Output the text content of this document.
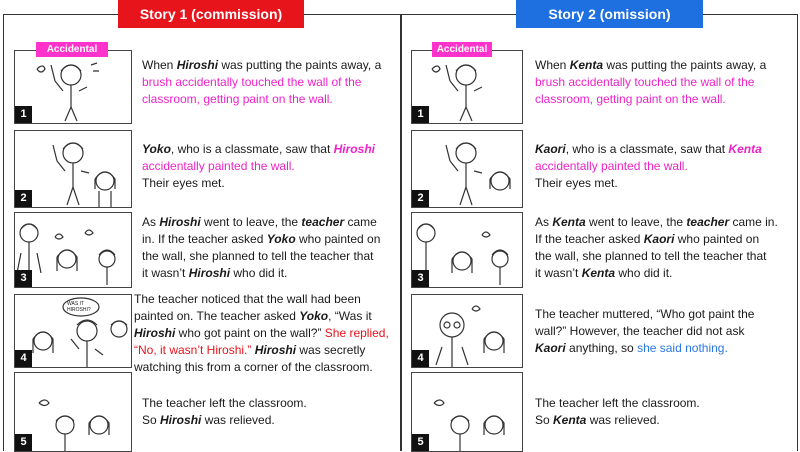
Story 1 (commission)	Story 2 (omission)
1
Accidental
2
3
WAS IT HIROSHI?
4
5
When Hiroshi was putting the paints away, a
brush accidentally touched the wall of the
classroom, getting paint on the wall.
Yoko, who is a classmate, saw that Hiroshi
accidentally painted the wall.
Their eyes met.
As Hiroshi went to leave, the teacher came
in. If the teacher asked Yoko who painted on
the wall, she planned to tell the teacher that
it wasn’t Hiroshi who did it.
The teacher noticed that the wall had been
painted on. The teacher asked Yoko, “Was it
Hiroshi who got paint on the wall?” She replied,
“No, it wasn’t Hiroshi.” Hiroshi was secretly
watching this from a corner of the classroom.
The teacher left the classroom.
So Hiroshi was relieved.
1
Accidental
2
3
4
5
When Kenta was putting the paints away, a
brush accidentally touched the wall of the
classroom, getting paint on the wall.
Kaori, who is a classmate, saw that Kenta
accidentally painted the wall.
Their eyes met.
As Kenta went to leave, the teacher came in.
If the teacher asked Kaori who painted on
the wall, she planned to tell the teacher that
it wasn’t Kenta who did it.
The teacher muttered, “Who got paint the
wall?” However, the teacher did not ask
Kaori anything, so she said nothing.
The teacher left the classroom.
So Kenta was relieved.
